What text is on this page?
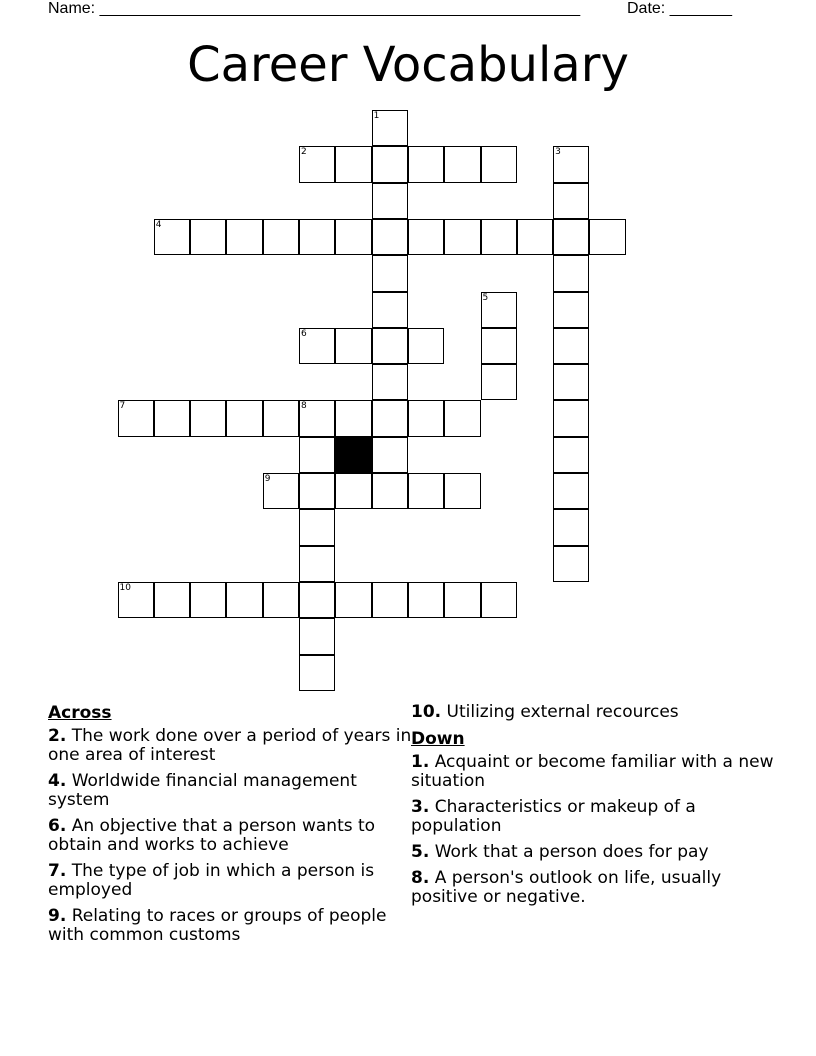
Name: ______________________________________________________	Date: _______
Career Vocabulary
1
2	3
4
5
6
7	8
9
10
Across
2. The work done over a period of years in one area of interest
4. Worldwide financial management system
6. An objective that a person wants to obtain and works to achieve
7. The type of job in which a person is employed
9. Relating to races or groups of people with common customs
10. Utilizing external recources
Down
1. Acquaint or become familiar with a new situation
3. Characteristics or makeup of a population
5. Work that a person does for pay
8. A person's outlook on life, usually positive or negative.
